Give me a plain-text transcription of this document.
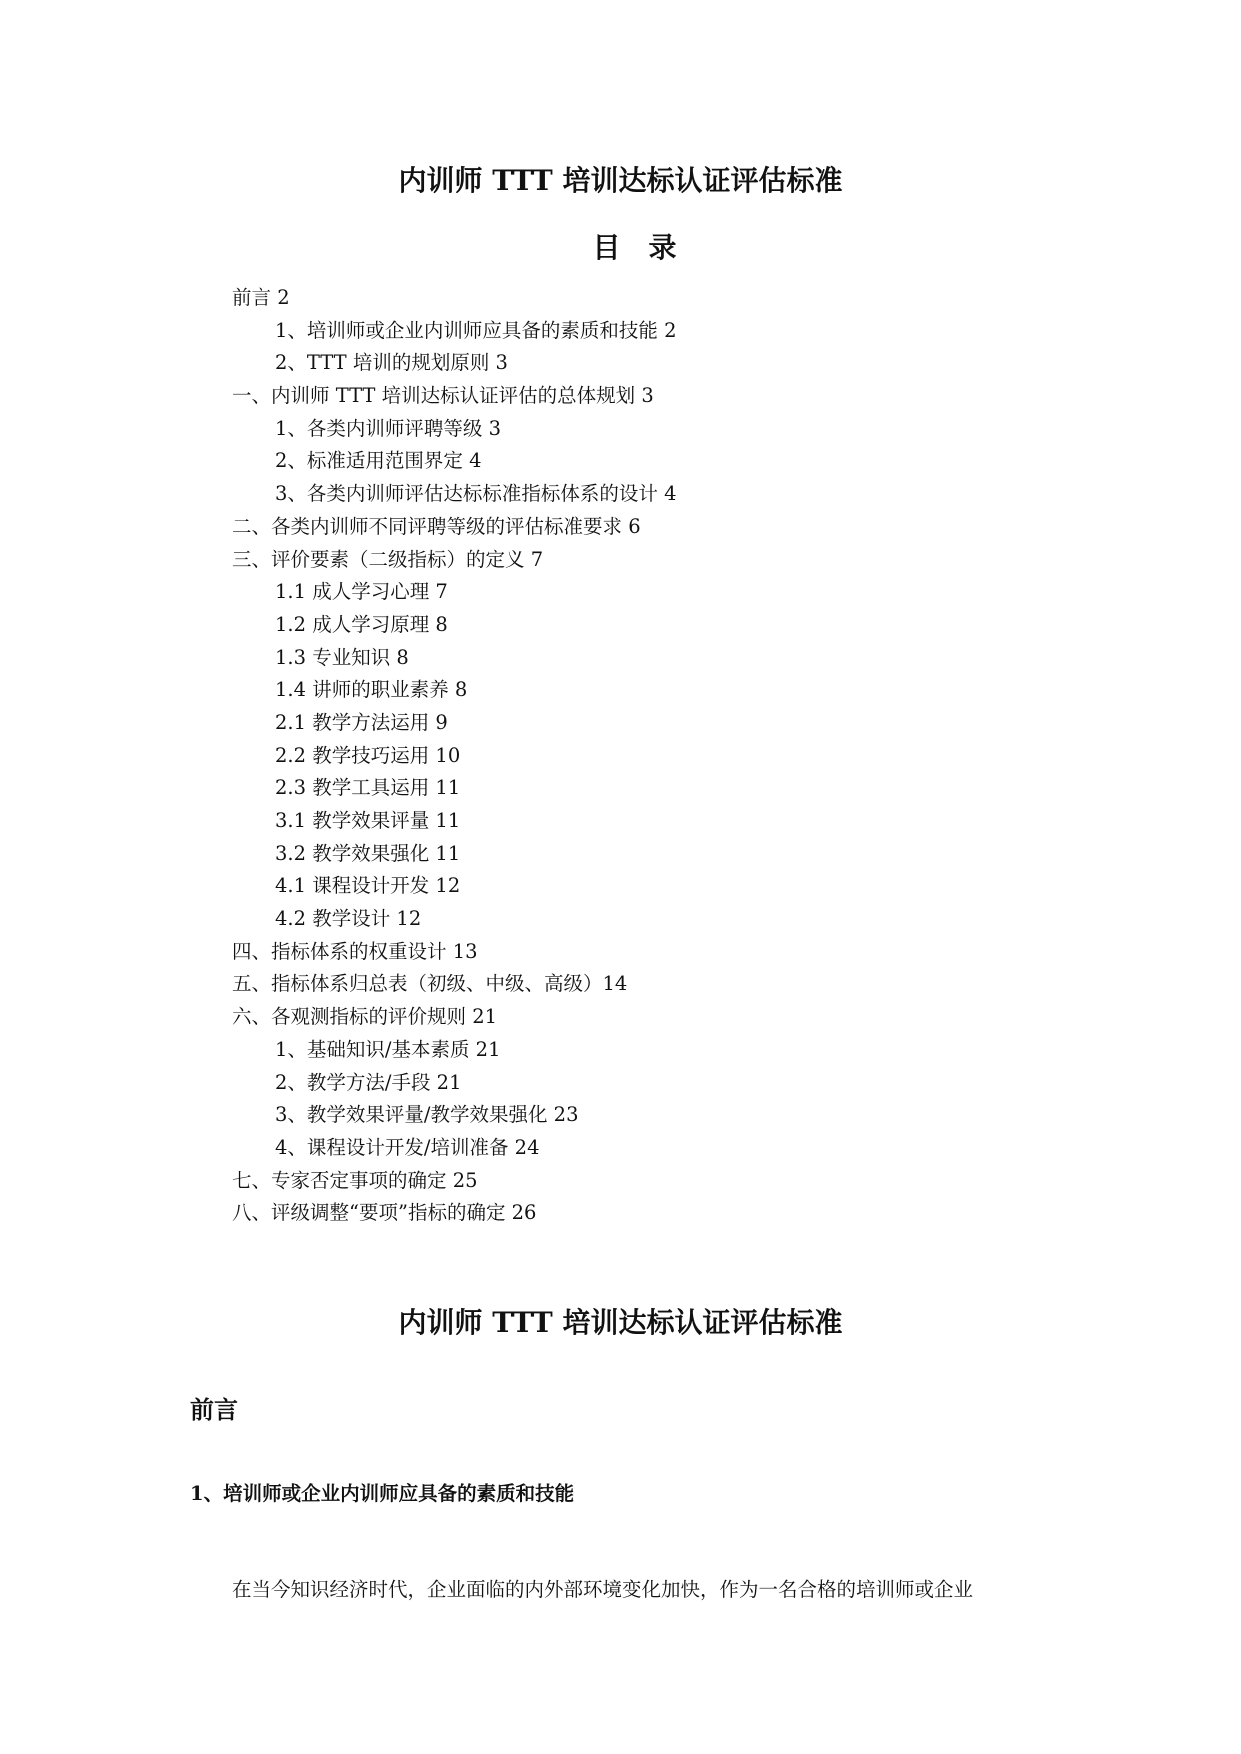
内训师 TTT 培训达标认证评估标准
目录
前言 2
1、培训师或企业内训师应具备的素质和技能 2
2、TTT 培训的规划原则 3
一、内训师 TTT 培训达标认证评估的总体规划 3
1、各类内训师评聘等级 3
2、标准适用范围界定 4
3、各类内训师评估达标标准指标体系的设计 4
二、各类内训师不同评聘等级的评估标准要求 6
三、评价要素（二级指标）的定义 7
1.1 成人学习心理 7
1.2 成人学习原理 8
1.3 专业知识 8
1.4 讲师的职业素养 8
2.1 教学方法运用 9
2.2 教学技巧运用 10
2.3 教学工具运用 11
3.1 教学效果评量 11
3.2 教学效果强化 11
4.1 课程设计开发 12
4.2 教学设计 12
四、指标体系的权重设计 13
五、指标体系归总表（初级、中级、高级）14
六、各观测指标的评价规则 21
1、基础知识/基本素质 21
2、教学方法/手段 21
3、教学效果评量/教学效果强化 23
4、课程设计开发/培训准备 24
七、专家否定事项的确定 25
八、评级调整“要项”指标的确定 26
内训师 TTT 培训达标认证评估标准
前言
1、培训师或企业内训师应具备的素质和技能

在当今知识经济时代，企业面临的内外部环境变化加快，作为一名合格的培训师或企业
